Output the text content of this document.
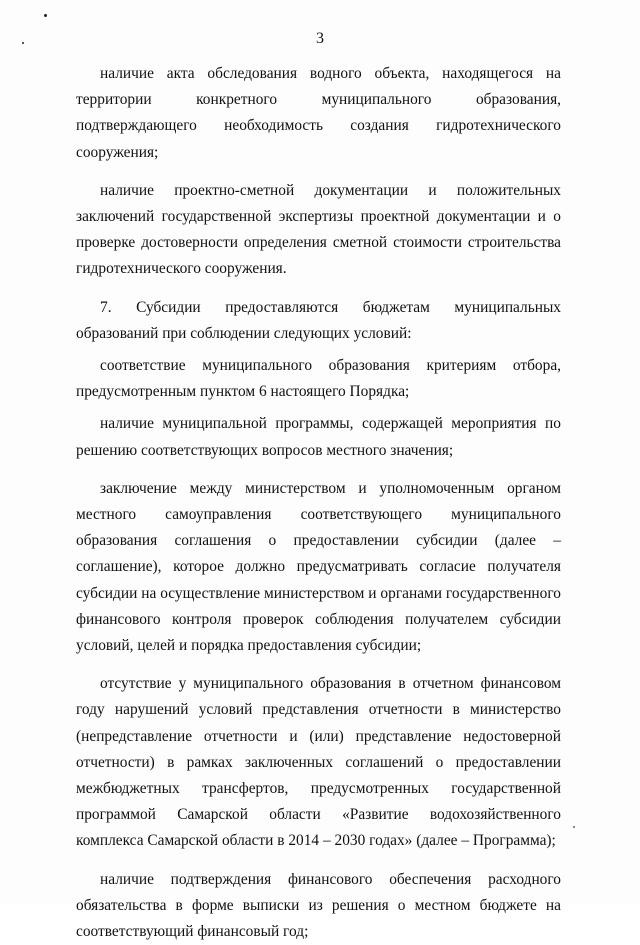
3

наличие акта обследования водного объекта, находящегося на территории конкретного муниципального образования, подтверждающего необходимость создания гидротехнического сооружения;

наличие проектно-сметной документации и положительных заключений государственной экспертизы проектной документации и о проверке достоверности определения сметной стоимости строительства гидротехнического сооружения.

7. Субсидии предоставляются бюджетам муниципальных образований при соблюдении следующих условий:

соответствие муниципального образования критериям отбора, предусмотренным пунктом 6 настоящего Порядка;

наличие муниципальной программы, содержащей мероприятия по решению соответствующих вопросов местного значения;

заключение между министерством и уполномоченным органом местного самоуправления соответствующего муниципального образования соглашения о предоставлении субсидии (далее – соглашение), которое должно предусматривать согласие получателя субсидии на осуществление министерством и органами государственного финансового контроля проверок соблюдения получателем субсидии условий, целей и порядка предоставления субсидии;

отсутствие у муниципального образования в отчетном финансовом году нарушений условий представления отчетности в министерство (непредставление отчетности и (или) представление недостоверной отчетности) в рамках заключенных соглашений о предоставлении межбюджетных трансфертов, предусмотренных государственной программой Самарской области «Развитие водохозяйственного комплекса Самарской области в 2014 – 2030 годах» (далее – Программа);

наличие подтверждения финансового обеспечения расходного обязательства в форме выписки из решения о местном бюджете на соответствующий финансовый год;
